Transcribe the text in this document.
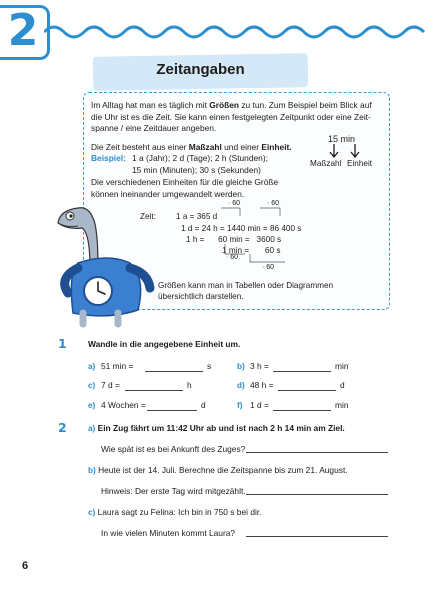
2
Zeitangaben
Im Alltag hat man es täglich mit Größen zu tun. Zum Beispiel beim Blick auf
die Uhr ist es die Zeit. Sie kann einen festgelegten Zeitpunkt oder eine Zeit-
spanne / eine Zeitdauer angeben.
Die Zeit besteht aus einer Maßzahl und einer Einheit.
Beispiel: 1 a (Jahr); 2 d (Tage); 2 h (Stunden);
15 min (Minuten); 30 s (Sekunden)
Die verschiedenen Einheiten für die gleiche Größe
können ineinander umgewandelt werden.
15 min
Maßzahl Einheit
Zeit: 1 a = 365 d
1 d = 24 h = 1440 min = 86 400 s
1 h =      60 min =   3600 s
1 min =       60 s
· 60	· 60
· 60
· 60
Größen kann man in Tabellen oder Diagrammen
übersichtlich darstellen.
1	Wandle in die angegebene Einheit um.
a) 51 min =	s	b) 3 h =	min
c) 7 d =	h	d) 48 h =	d
e) 4 Wochen =	d	f) 1 d =	min
2	a) Ein Zug fährt um 11:42 Uhr ab und ist nach 2 h 14 min am Ziel.
Wie spät ist es bei Ankunft des Zuges?
b) Heute ist der 14. Juli. Berechne die Zeitspanne bis zum 21. August.
Hinweis: Der erste Tag wird mitgezählt.
c) Laura sagt zu Felina: Ich bin in 750 s bei dir.
In wie vielen Minuten kommt Laura?
6
